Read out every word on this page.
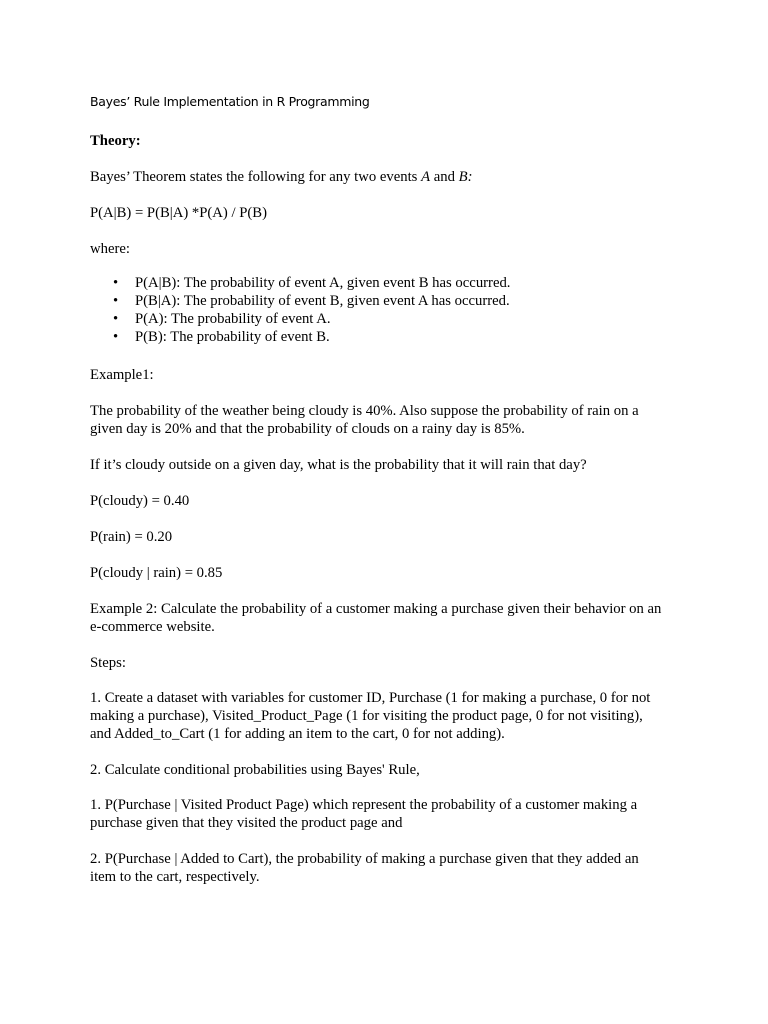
Bayes’ Rule Implementation in R Programming
Theory:
Bayes’ Theorem states the following for any two events A and B:
P(A|B) = P(B|A) *P(A) / P(B)
where:
• P(A|B): The probability of event A, given event B has occurred.
• P(B|A): The probability of event B, given event A has occurred.
• P(A): The probability of event A.
• P(B): The probability of event B.
Example1:
The probability of the weather being cloudy is 40%. Also suppose the probability of rain on a
given day is 20% and that the probability of clouds on a rainy day is 85%.
If it’s cloudy outside on a given day, what is the probability that it will rain that day?
P(cloudy) = 0.40
P(rain) = 0.20
P(cloudy | rain) = 0.85
Example 2: Calculate the probability of a customer making a purchase given their behavior on an
e-commerce website.
Steps:
1. Create a dataset with variables for customer ID, Purchase (1 for making a purchase, 0 for not
making a purchase), Visited_Product_Page (1 for visiting the product page, 0 for not visiting),
and Added_to_Cart (1 for adding an item to the cart, 0 for not adding).
2. Calculate conditional probabilities using Bayes' Rule,
1. P(Purchase | Visited Product Page) which represent the probability of a customer making a
purchase given that they visited the product page and
2. P(Purchase | Added to Cart), the probability of making a purchase given that they added an
item to the cart, respectively.
